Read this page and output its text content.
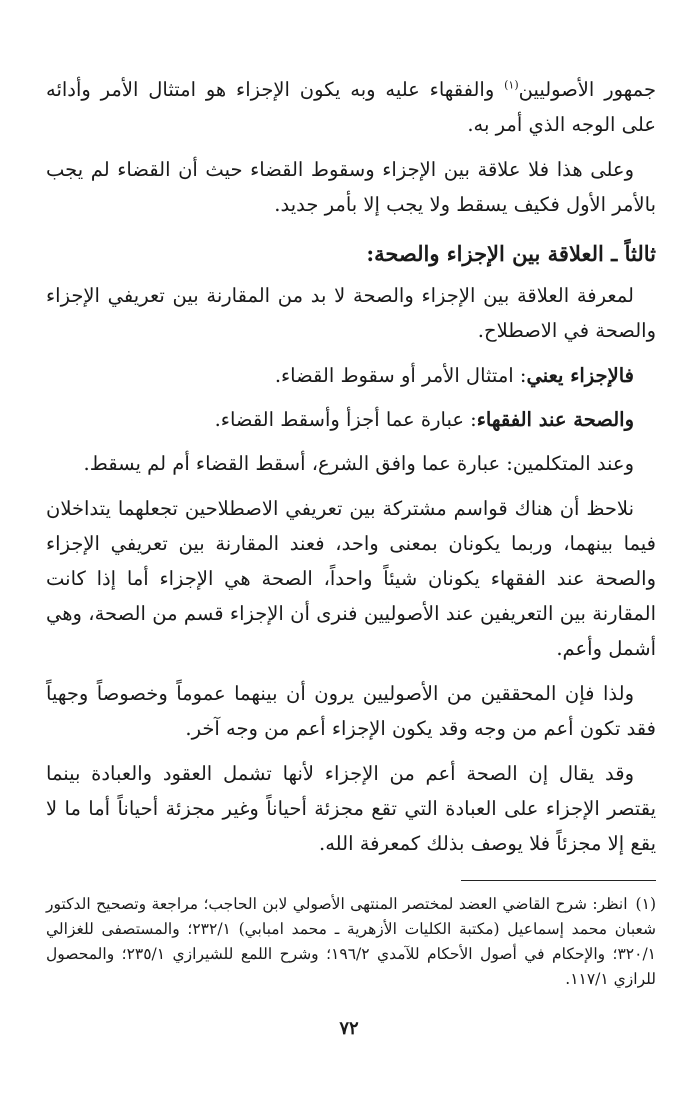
جمهور الأصوليين$^{(١)}$ والفقهاء عليه وبه يكون الإجزاء هو امتثال الأمر وأدائه على الوجه الذي أمر به.

وعلى هذا فلا علاقة بين الإجزاء وسقوط القضاء حيث أن القضاء لم يجب بالأمر الأول فكيف يسقط ولا يجب إلا بأمر جديد.

ثالثاً ـ العلاقة بين الإجزاء والصحة:

لمعرفة العلاقة بين الإجزاء والصحة لا بد من المقارنة بين تعريفي الإجزاء والصحة في الاصطلاح.

فالإجزاء يعني: امتثال الأمر أو سقوط القضاء.

والصحة عند الفقهاء: عبارة عما أجزأ وأسقط القضاء.

وعند المتكلمين: عبارة عما وافق الشرع، أسقط القضاء أم لم يسقط.

نلاحظ أن هناك قواسم مشتركة بين تعريفي الاصطلاحين تجعلهما يتداخلان فيما بينهما، وربما يكونان بمعنى واحد، فعند المقارنة بين تعريفي الإجزاء والصحة عند الفقهاء يكونان شيئاً واحداً، الصحة هي الإجزاء أما إذا كانت المقارنة بين التعريفين عند الأصوليين فنرى أن الإجزاء قسم من الصحة، وهي أشمل وأعم.

ولذا فإن المحققين من الأصوليين يرون أن بينهما عموماً وخصوصاً وجهياً فقد تكون أعم من وجه وقد يكون الإجزاء أعم من وجه آخر.

وقد يقال إن الصحة أعم من الإجزاء لأنها تشمل العقود والعبادة بينما يقتصر الإجزاء على العبادة التي تقع مجزئة أحياناً وغير مجزئة أحياناً أما ما لا يقع إلا مجزئاً فلا يوصف بذلك كمعرفة الله.

(١)انظر: شرح القاضي العضد لمختصر المنتهى الأصولي لابن الحاجب؛ مراجعة وتصحيح الدكتور شعبان محمد إسماعيل (مكتبة الكليات الأزهرية ـ محمد امبابي) ٢٣٢/١؛ والمستصفى للغزالي ٣٢٠/١؛ والإحكام في أصول الأحكام للآمدي ١٩٦/٢؛ وشرح اللمع للشيرازي ٢٣٥/١؛ والمحصول للرازي ١١٧/١.
٧٢
